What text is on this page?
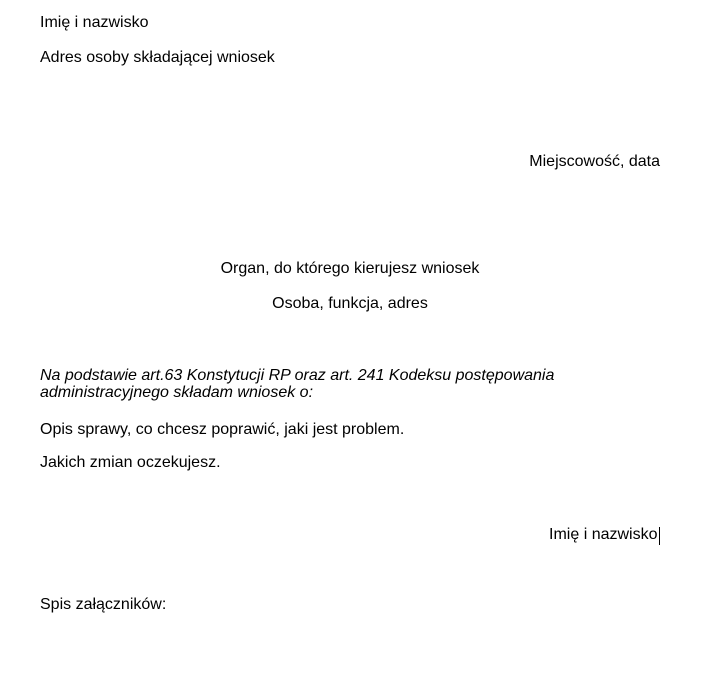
Imię i nazwisko
Adres osoby składającej wniosek
Miejscowość, data
Organ, do którego kierujesz wniosek
Osoba, funkcja, adres
Na podstawie art.63 Konstytucji RP oraz art. 241 Kodeksu postępowania administracyjnego składam wniosek o:
Opis sprawy, co chcesz poprawić, jaki jest problem.
Jakich zmian oczekujesz.
Imię i nazwisko
Spis załączników:
